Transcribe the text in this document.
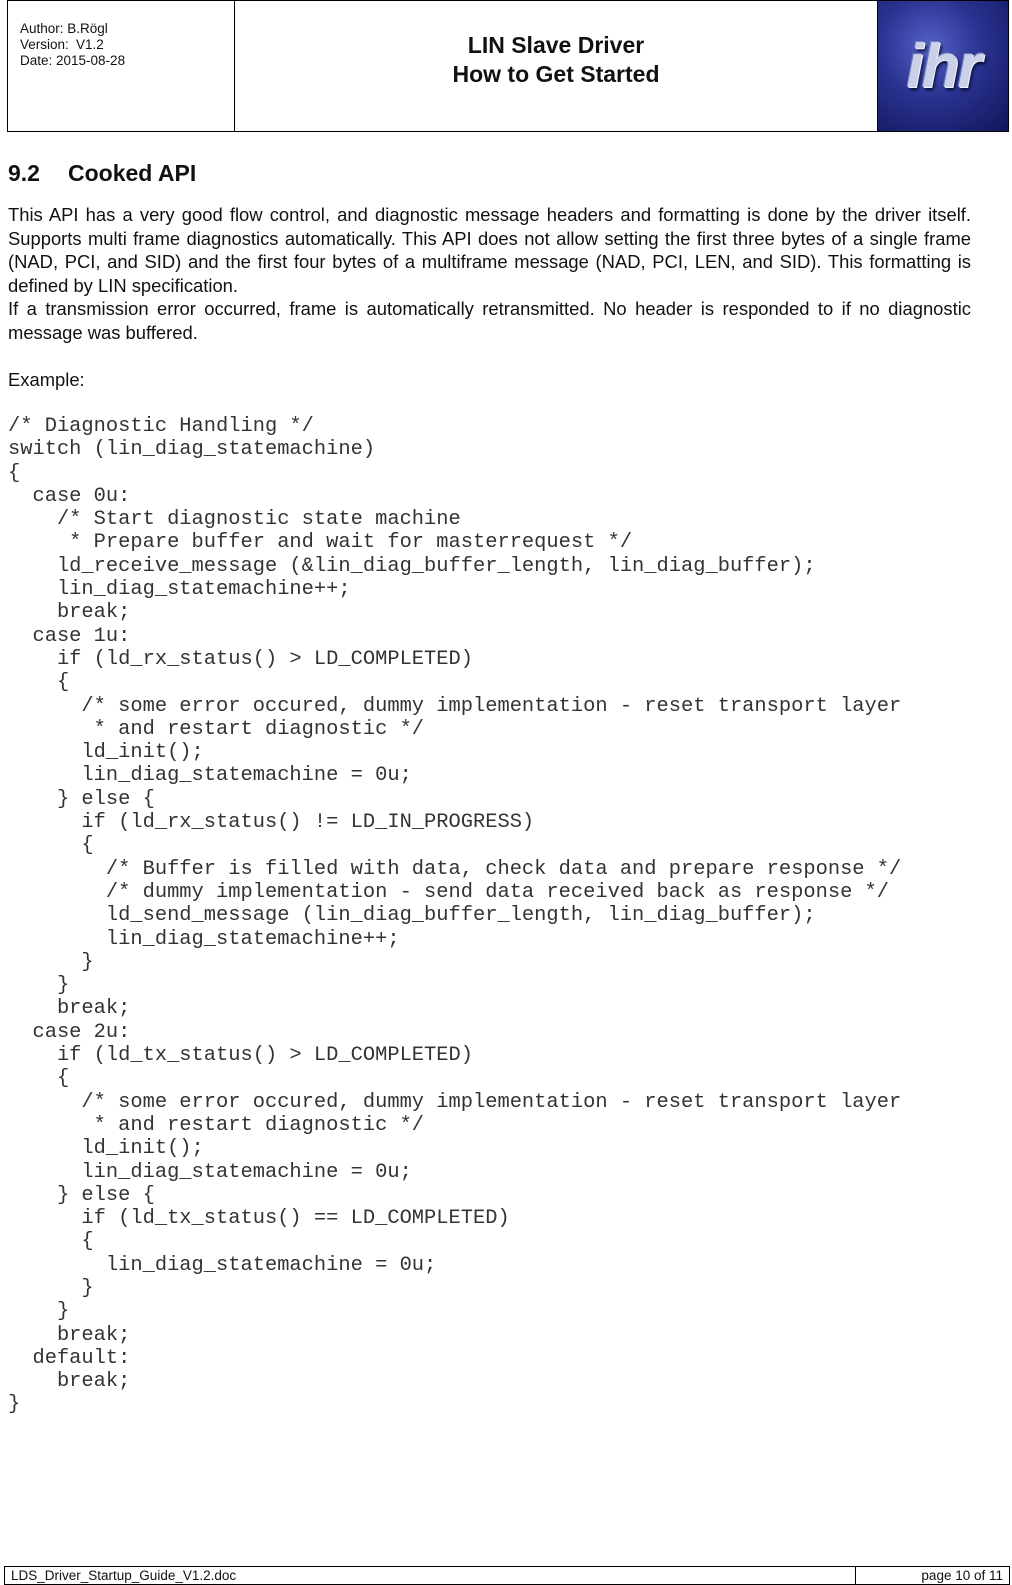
Author: B.Rögl
Version: V1.2
Date: 2015-08-28
LIN Slave Driver
How to Get Started	ihr
9.2 Cooked API

This API has a very good flow control, and diagnostic message headers and formatting is done by the driver itself. Supports multi frame diagnostics automatically. This API does not allow setting the first three bytes of a single frame (NAD, PCI, and SID) and the first four bytes of a multiframe message (NAD, PCI, LEN, and SID). This formatting is defined by LIN specification.

If a transmission error occurred, frame is automatically retransmitted. No header is responded to if no diagnostic message was buffered.

Example:

/* Diagnostic Handling */
switch (lin_diag_statemachine)
{
case 0u:
/* Start diagnostic state machine
* Prepare buffer and wait for masterrequest */
ld_receive_message (&lin_diag_buffer_length, lin_diag_buffer);
lin_diag_statemachine++;
break;
case 1u:
if (ld_rx_status() > LD_COMPLETED)
{
/* some error occured, dummy implementation - reset transport layer
* and restart diagnostic */
ld_init();
lin_diag_statemachine = 0u;
} else {
if (ld_rx_status() != LD_IN_PROGRESS)
{
/* Buffer is filled with data, check data and prepare response */
/* dummy implementation - send data received back as response */
ld_send_message (lin_diag_buffer_length, lin_diag_buffer);
lin_diag_statemachine++;
}
}
break;
case 2u:
if (ld_tx_status() > LD_COMPLETED)
{
/* some error occured, dummy implementation - reset transport layer
* and restart diagnostic */
ld_init();
lin_diag_statemachine = 0u;
} else {
if (ld_tx_status() == LD_COMPLETED)
{
lin_diag_statemachine = 0u;
}
}
break;
default:
break;
}
LDS_Driver_Startup_Guide_V1.2.doc	page 10 of 11
